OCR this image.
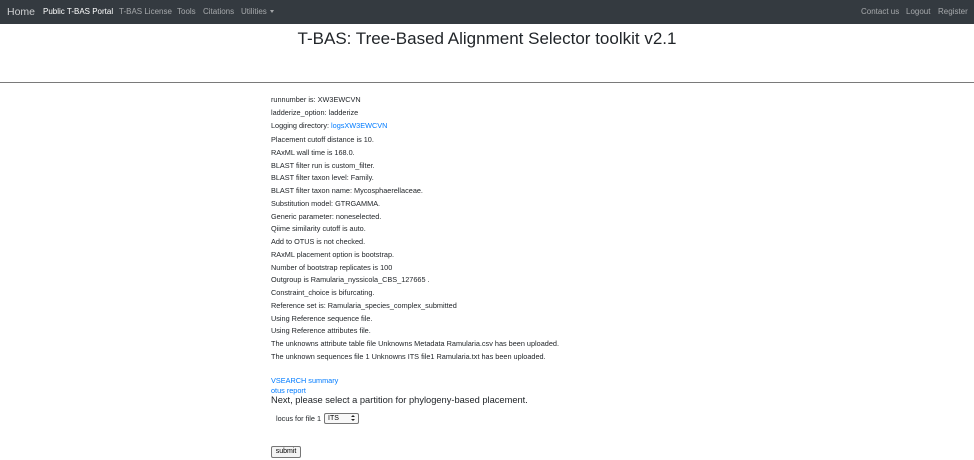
Home Public T-BAS Portal T-BAS License Tools Citations Utilities	Contact us Logout Register
T-BAS: Tree-Based Alignment Selector toolkit v2.1
runnumber is: XW3EWCVN
ladderize_option: ladderize
Logging directory: logsXW3EWCVN
Placement cutoff distance is 10.
RAxML wall time is 168.0.
BLAST filter run is custom_filter.
BLAST filter taxon level: Family.
BLAST filter taxon name: Mycosphaerellaceae.
Substitution model: GTRGAMMA.
Generic parameter: noneselected.
Qiime similarity cutoff is auto.
Add to OTUS is not checked.
RAxML placement option is bootstrap.
Number of bootstrap replicates is 100
Outgroup is Ramularia_nyssicola_CBS_127665 .
Constraint_choice is bifurcating.
Reference set is: Ramularia_species_complex_submitted
Using Reference sequence file.
Using Reference attributes file.
The unknowns attribute table file Unknowns Metadata Ramularia.csv has been uploaded.
The unknown sequences file 1 Unknowns ITS file1 Ramularia.txt has been uploaded.
VSEARCH summary
otus report
Next, please select a partition for phylogeny-based placement.
locus for file 1 ITS
submit
